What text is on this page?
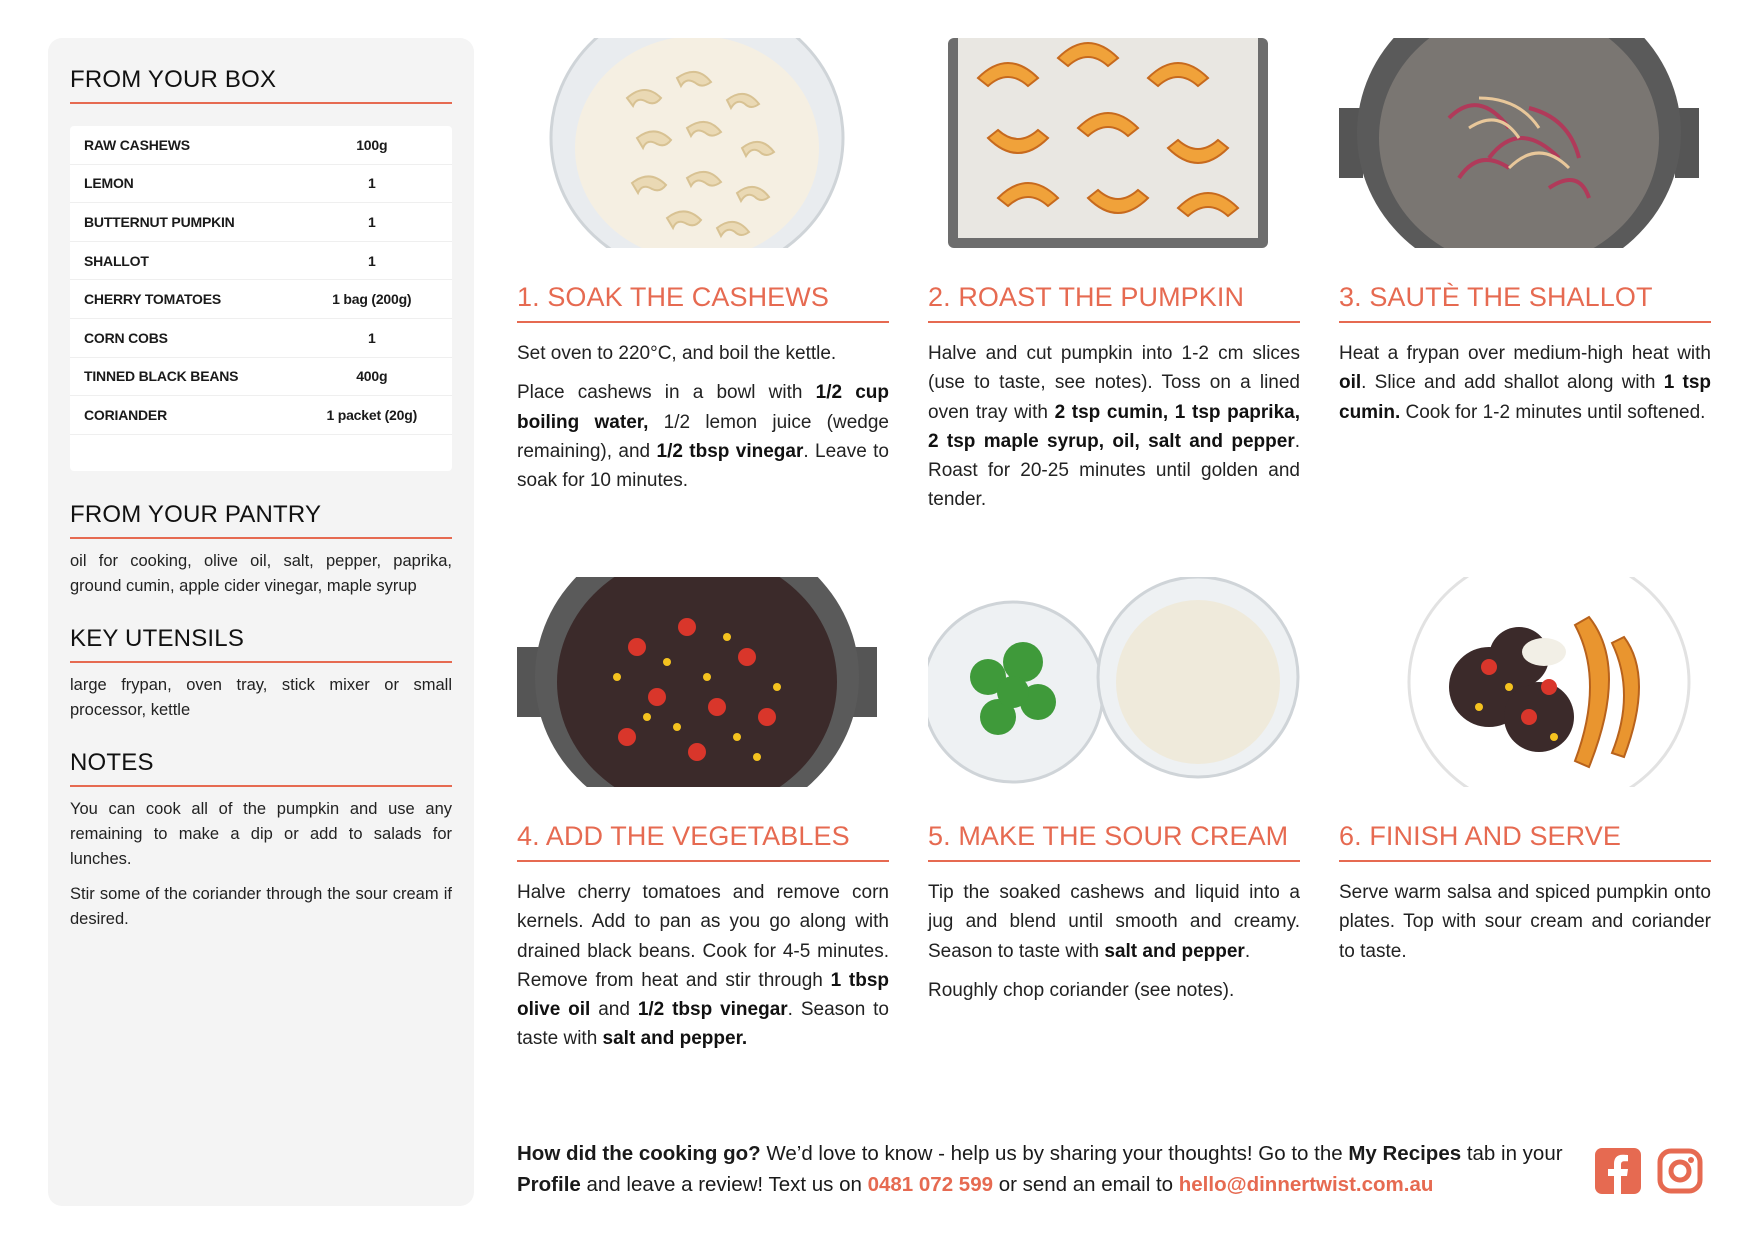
FROM YOUR BOX
RAW CASHEWS	100g
LEMON	1
BUTTERNUT PUMPKIN	1
SHALLOT	1
CHERRY TOMATOES	1 bag (200g)
CORN COBS	1
TINNED BLACK BEANS	400g
CORIANDER	1 packet (20g)
FROM YOUR PANTRY

oil for cooking, olive oil, salt, pepper, paprika, ground cumin, apple cider vinegar, maple syrup

KEY UTENSILS

large frypan, oven tray, stick mixer or small processor, kettle

NOTES

You can cook all of the pumpkin and use any remaining to make a dip or add to salads for lunches.

Stir some of the coriander through the sour cream if desired.

1. SOAK THE CASHEWS

Set oven to 220°C, and boil the kettle.

Place cashews in a bowl with 1/2 cup boiling water, 1/2 lemon juice (wedge remaining), and 1/2 tbsp vinegar. Leave to soak for 10 minutes.

2. ROAST THE PUMPKIN

Halve and cut pumpkin into 1-2 cm slices (use to taste, see notes). Toss on a lined oven tray with 2 tsp cumin, 1 tsp paprika, 2 tsp maple syrup, oil, salt and pepper. Roast for 20-25 minutes until golden and tender.

3. SAUTÈ THE SHALLOT

Heat a frypan over medium-high heat with oil. Slice and add shallot along with 1 tsp cumin. Cook for 1-2 minutes until softened.

4. ADD THE VEGETABLES

Halve cherry tomatoes and remove corn kernels. Add to pan as you go along with drained black beans. Cook for 4-5 minutes. Remove from heat and stir through 1 tbsp olive oil and 1/2 tbsp vinegar. Season to taste with salt and pepper.

5. MAKE THE SOUR CREAM

Tip the soaked cashews and liquid into a jug and blend until smooth and creamy. Season to taste with salt and pepper.

Roughly chop coriander (see notes).

6. FINISH AND SERVE

Serve warm salsa and spiced pumpkin onto plates. Top with sour cream and coriander to taste.

How did the cooking go? We’d love to know - help us by sharing your thoughts! Go to the My Recipes tab in your Profile and leave a review! Text us on 0481 072 599 or send an email to hello@dinnertwist.com.au
